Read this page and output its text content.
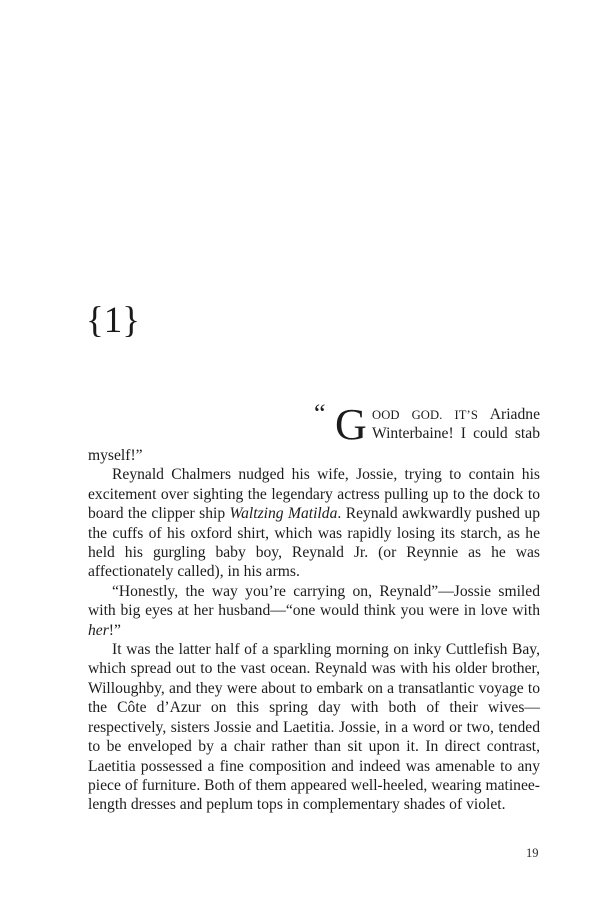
{1}
“ G OOD GOD. IT’S Ariadne
Winterbaine! I could stab

myself!”

Reynald Chalmers nudged his wife, Jossie, trying to contain his excitement over sighting the legendary actress pulling up to the dock to board the clipper ship Waltzing Matilda. Reynald awkwardly pushed up the cuffs of his oxford shirt, which was rapidly losing its starch, as he held his gurgling baby boy, Reynald Jr. (or Reynnie as he was affectionately called), in his arms.

“Honestly, the way you’re carrying on, Reynald”—Jossie smiled with big eyes at her husband—“one would think you were in love with her!”

It was the latter half of a sparkling morning on inky Cuttlefish Bay, which spread out to the vast ocean. Reynald was with his older brother, Willoughby, and they were about to embark on a transatlantic voyage to the Côte d’Azur on this spring day with both of their wives—respectively, sisters Jossie and Laetitia. Jossie, in a word or two, tended to be enveloped by a chair rather than sit upon it. In direct contrast, Laetitia possessed a fine composition and indeed was amenable to any piece of furniture. Both of them appeared well-heeled, wearing matinee-length dresses and peplum tops in complementary shades of violet.

19
